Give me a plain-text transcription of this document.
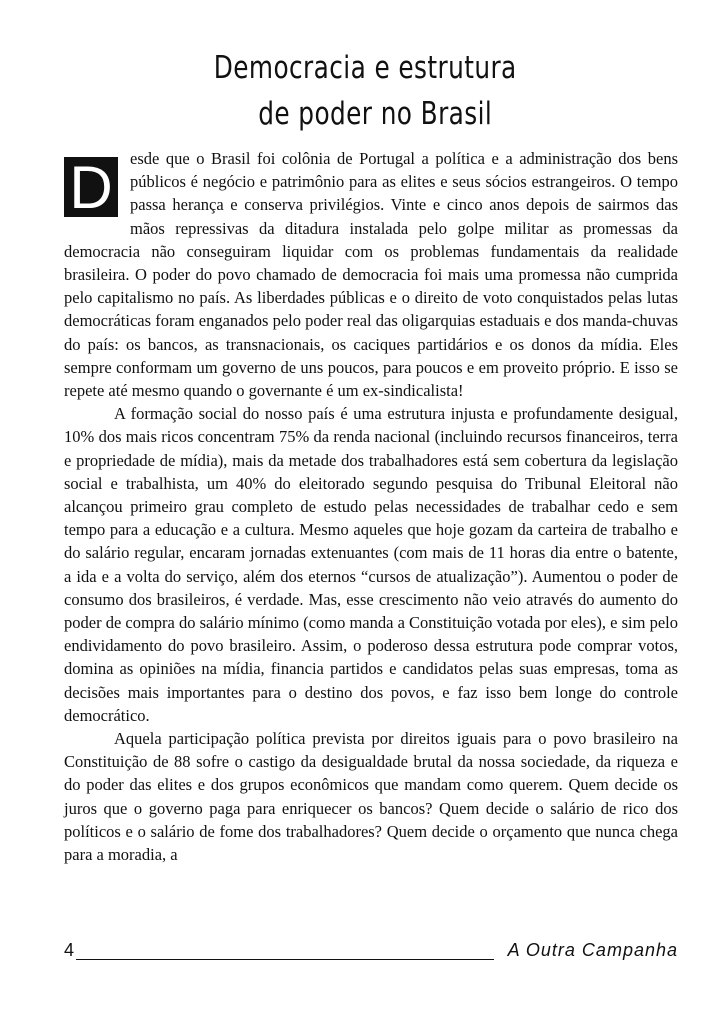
Democracia e estrutura
de poder no Brasil

D	esde que o Brasil foi colônia de Portugal a política e a administração dos bens públicos é negócio e patrimônio para as elites e seus sócios estrangeiros. O tempo passa herança e conserva privilégios. Vinte e cinco anos depois de sairmos das mãos repressivas da ditadura instalada pelo golpe militar as promessas da democracia não conseguiram liquidar com os problemas fundamentais da realidade brasileira. O poder do povo chamado de democracia foi mais uma promessa não cumprida pelo capitalismo no país. As liberdades públicas e o direito de voto conquistados pelas lutas democráticas foram enganados pelo poder real das oligarquias estaduais e dos manda-chuvas do país: os bancos, as transnacionais, os caciques partidários e os donos da mídia. Eles sempre conformam um governo de uns poucos, para poucos e em proveito próprio. E isso se repete até mesmo quando o governante é um ex-sindicalista!

A formação social do nosso país é uma estrutura injusta e profundamente desigual, 10% dos mais ricos concentram 75% da renda nacional (incluindo recursos financeiros, terra e propriedade de mídia), mais da metade dos trabalhadores está sem cobertura da legislação social e trabalhista, um 40% do eleitorado segundo pesquisa do Tribunal Eleitoral não alcançou primeiro grau completo de estudo pelas necessidades de trabalhar cedo e sem tempo para a educação e a cultura. Mesmo aqueles que hoje gozam da carteira de trabalho e do salário regular, encaram jornadas extenuantes (com mais de 11 horas dia entre o batente, a ida e a volta do serviço, além dos eternos “cursos de atualização”). Aumentou o poder de consumo dos brasileiros, é verdade. Mas, esse crescimento não veio através do aumento do poder de compra do salário mínimo (como manda a Constituição votada por eles), e sim pelo endividamento do povo brasileiro. Assim, o poderoso dessa estrutura pode comprar votos, domina as opiniões na mídia, financia partidos e candidatos pelas suas empresas, toma as decisões mais importantes para o destino dos povos, e faz isso bem longe do controle democrático.

Aquela participação política prevista por direitos iguais para o povo brasileiro na Constituição de 88 sofre o castigo da desigualdade brutal da nossa sociedade, da riqueza e do poder das elites e dos grupos econômicos que mandam como querem. Quem decide os juros que o governo paga para enriquecer os bancos? Quem decide o salário de rico dos políticos e o salário de fome dos trabalhadores? Quem decide o orçamento que nunca chega para a moradia, a

4	A Outra Campanha
